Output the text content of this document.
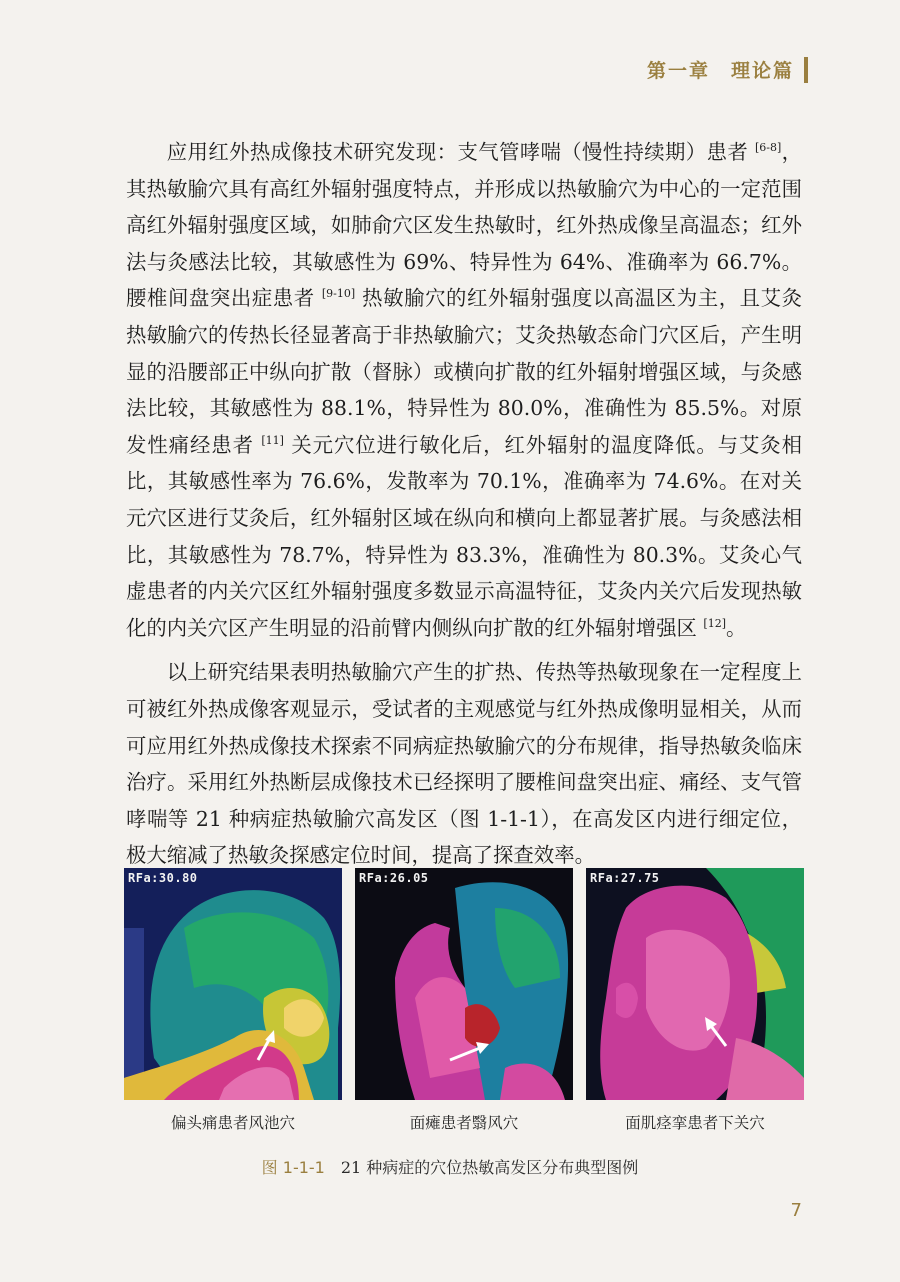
第一章　理论篇

应用红外热成像技术研究发现：支气管哮喘（慢性持续期）患者 [6-8]，其热敏腧穴具有高红外辐射强度特点，并形成以热敏腧穴为中心的一定范围高红外辐射强度区域，如肺俞穴区发生热敏时，红外热成像呈高温态；红外法与灸感法比较，其敏感性为 69%、特异性为 64%、准确率为 66.7%。腰椎间盘突出症患者 [9-10] 热敏腧穴的红外辐射强度以高温区为主，且艾灸热敏腧穴的传热长径显著高于非热敏腧穴；艾灸热敏态命门穴区后，产生明显的沿腰部正中纵向扩散（督脉）或横向扩散的红外辐射增强区域，与灸感法比较，其敏感性为 88.1%，特异性为 80.0%，准确性为 85.5%。对原发性痛经患者 [11] 关元穴位进行敏化后，红外辐射的温度降低。与艾灸相比，其敏感性率为 76.6%，发散率为 70.1%，准确率为 74.6%。在对关元穴区进行艾灸后，红外辐射区域在纵向和横向上都显著扩展。与灸感法相比，其敏感性为 78.7%，特异性为 83.3%，准确性为 80.3%。艾灸心气虚患者的内关穴区红外辐射强度多数显示高温特征，艾灸内关穴后发现热敏化的内关穴区产生明显的沿前臂内侧纵向扩散的红外辐射增强区 [12]。

以上研究结果表明热敏腧穴产生的扩热、传热等热敏现象在一定程度上可被红外热成像客观显示，受试者的主观感觉与红外热成像明显相关，从而可应用红外热成像技术探索不同病症热敏腧穴的分布规律，指导热敏灸临床治疗。采用红外热断层成像技术已经探明了腰椎间盘突出症、痛经、支气管哮喘等 21 种病症热敏腧穴高发区（图 1-1-1），在高发区内进行细定位，极大缩减了热敏灸探感定位时间，提高了探查效率。

RFa:30.80	RFa:26.05	RFa:27.75
偏头痛患者风池穴	面瘫患者翳风穴	面肌痉挛患者下关穴
图 1-1-1 21 种病症的穴位热敏高发区分布典型图例
7
